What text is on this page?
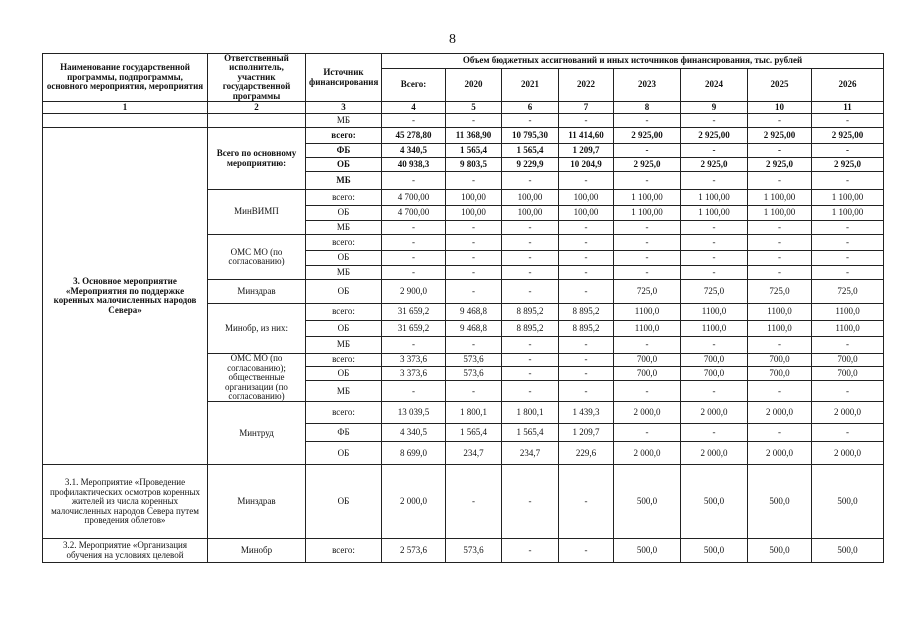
8
Наименование государственной программы, подпрограммы, основного мероприятия, мероприятия	Ответственный исполнитель, участник государственной программы	Источник финансирования	Объем бюджетных ассигнований и иных источников финансирования, тыс. рублей							
			Всего:	2020	2021	2022	2023	2024	2025	2026
1	2	3	4	5	6	7	8	9	10	11
		МБ	-	-	-	-	-	-	-	-
3. Основное мероприятие «Мероприятия по поддержке коренных малочисленных народов Севера»	Всего по основному мероприятию:	всего:	45 278,80	11 368,90	10 795,30	11 414,60	2 925,00	2 925,00	2 925,00	2 925,00
		ФБ	4 340,5	1 565,4	1 565,4	1 209,7	-	-	-	-
		ОБ	40 938,3	9 803,5	9 229,9	10 204,9	2 925,0	2 925,0	2 925,0	2 925,0
		МБ	-	-	-	-	-	-	-	-
	МинВИМП	всего:	4 700,00	100,00	100,00	100,00	1 100,00	1 100,00	1 100,00	1 100,00
		ОБ	4 700,00	100,00	100,00	100,00	1 100,00	1 100,00	1 100,00	1 100,00
		МБ	-	-	-	-	-	-	-	-
	ОМС МО (по согласованию)	всего:	-	-	-	-	-	-	-	-
		ОБ	-	-	-	-	-	-	-	-
		МБ	-	-	-	-	-	-	-	-
	Минздрав	ОБ	2 900,0	-	-	-	725,0	725,0	725,0	725,0
	Минобр, из них:	всего:	31 659,2	9 468,8	8 895,2	8 895,2	1100,0	1100,0	1100,0	1100,0
		ОБ	31 659,2	9 468,8	8 895,2	8 895,2	1100,0	1100,0	1100,0	1100,0
		МБ	-	-	-	-	-	-	-	-
	ОМС МО (по согласованию); общественные организации (по согласованию)	всего:	3 373,6	573,6	-	-	700,0	700,0	700,0	700,0
		ОБ	3 373,6	573,6	-	-	700,0	700,0	700,0	700,0
		МБ	-	-	-	-	-	-	-	-
	Минтруд	всего:	13 039,5	1 800,1	1 800,1	1 439,3	2 000,0	2 000,0	2 000,0	2 000,0
		ФБ	4 340,5	1 565,4	1 565,4	1 209,7	-	-	-	-
		ОБ	8 699,0	234,7	234,7	229,6	2 000,0	2 000,0	2 000,0	2 000,0
3.1. Мероприятие «Проведение профилактических осмотров коренных жителей из числа коренных малочисленных народов Севера путем проведения облетов»	Минздрав	ОБ	2 000,0	-	-	-	500,0	500,0	500,0	500,0
3.2. Мероприятие «Организация обучения на условиях целевой	Минобр	всего:	2 573,6	573,6	-	-	500,0	500,0	500,0	500,0
